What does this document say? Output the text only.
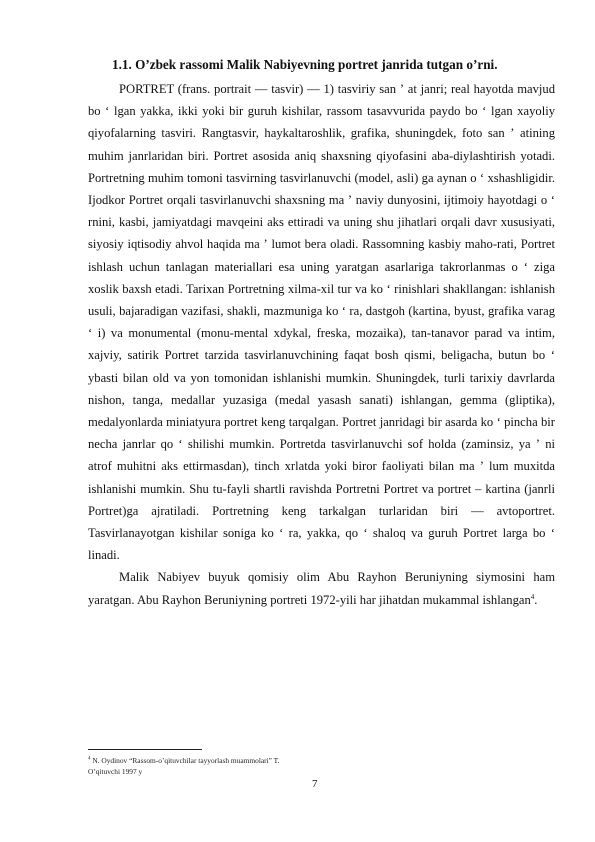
1.1. O’zbek rassomi Malik Nabiyevning portret janrida tutgan o’rni.

PORTRET (frans. portrait — tasvir) — 1) tasviriy san ʼ at janri; real hayotda mavjud bo ʻ lgan yakka, ikki yoki bir guruh kishilar, rassom tasavvurida paydo bo ʻ lgan xayoliy qiyofalarning tasviri. Rangtasvir, haykaltaroshlik, grafika, shuningdek, foto san ʼ atining muhim janrlaridan biri. Portret asosida aniq shaxsning qiyofasini aba-diylashtirish yotadi. Portretning muhim tomoni tasvirning tasvirlanuvchi (model, asli) ga aynan o ʻ xshashligidir. Ijodkor Portret orqali tasvirlanuvchi shaxsning ma ʼ naviy dunyosini, ijtimoiy hayotdagi o ʻ rnini, kasbi, jamiyatdagi mavqeini aks ettiradi va uning shu jihatlari orqali davr xususiyati, siyosiy iqtisodiy ahvol haqida ma ʼ lumot bera oladi. Rassomning kasbiy maho-rati, Portret ishlash uchun tanlagan materiallari esa uning yaratgan asarlariga takrorlanmas o ʻ ziga xoslik baxsh etadi. Tarixan Portretning xilma-xil tur va ko ʻ rinishlari shakllangan: ishlanish usuli, bajaradigan vazifasi, shakli, mazmuniga ko ʻ ra, dastgoh (kartina, byust, grafika varag ʻ i) va monumental (monu-mental xdykal, freska, mozaika), tan-tanavor parad va intim, xajviy, satirik Portret tarzida tasvirlanuvchining faqat bosh qismi, beligacha, butun bo ʻ ybasti bilan old va yon tomonidan ishlanishi mumkin. Shuningdek, turli tarixiy davrlarda nishon, tanga, medallar yuzasiga (medal yasash sanati) ishlangan, gemma (gliptika), medalyonlarda miniatyura portret keng tarqalgan. Portret janridagi bir asarda ko ʻ pincha bir necha janrlar qo ʻ shilishi mumkin. Portretda tasvirlanuvchi sof holda (zaminsiz, ya ʼ ni atrof muhitni aks ettirmasdan), tinch xrlatda yoki biror faoliyati bilan ma ʼ lum muxitda ishlanishi mumkin. Shu tu-fayli shartli ravishda Portretni Portret va portret – kartina (janrli Portret)ga ajratiladi. Portretning keng tarkalgan turlaridan biri — avtoportret. Tasvirlanayotgan kishilar soniga ko ʻ ra, yakka, qo ʻ shaloq va guruh Portret larga bo ʻ linadi.

Malik Nabiyev buyuk qomisiy olim Abu Rayhon Beruniyning siymosini ham yaratgan. Abu Rayhon Beruniyning portreti 1972-yili har jihatdan mukammal ishlangan$^4$.

$^4$ N. Oydinov “Rassom-o’qituvchilar tayyorlash muammolari” T.
O’qituvchi 1997 y
7
